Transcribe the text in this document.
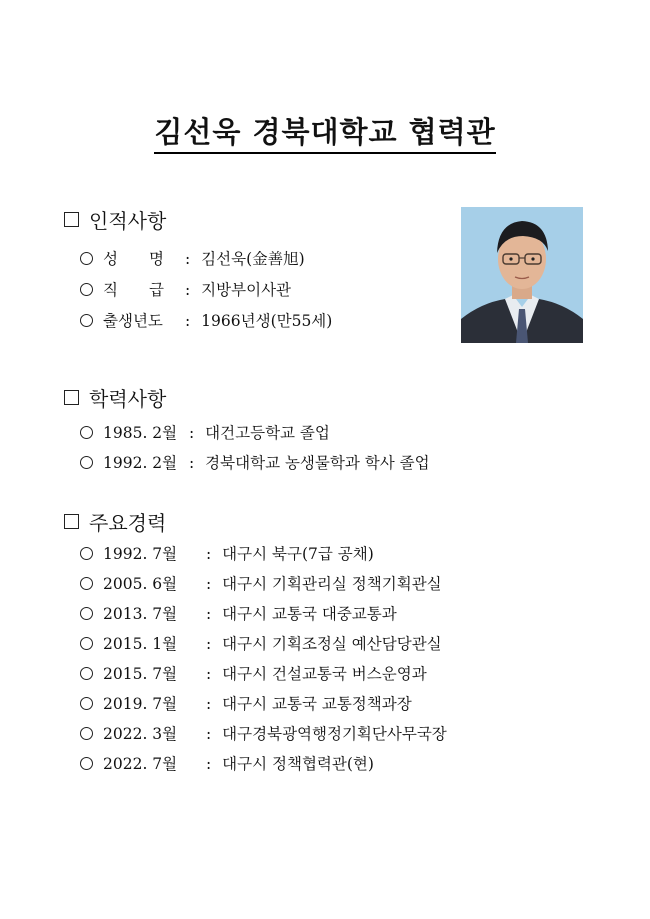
김선욱 경북대학교 협력관
인적사항
성　　명 : 김선욱(金善旭)
직　　급 : 지방부이사관
출생년도 : 1966년생(만55세)
학력사항
1985. 2월 : 대건고등학교 졸업
1992. 2월 : 경북대학교 농생물학과 학사 졸업
주요경력
1992. 7월 : 대구시 북구(7급 공채)
2005. 6월 : 대구시 기획관리실 정책기획관실
2013. 7월 : 대구시 교통국 대중교통과
2015. 1월 : 대구시 기획조정실 예산담당관실
2015. 7월 : 대구시 건설교통국 버스운영과
2019. 7월 : 대구시 교통국 교통정책과장
2022. 3월 : 대구경북광역행정기획단사무국장
2022. 7월 : 대구시 정책협력관(현)
